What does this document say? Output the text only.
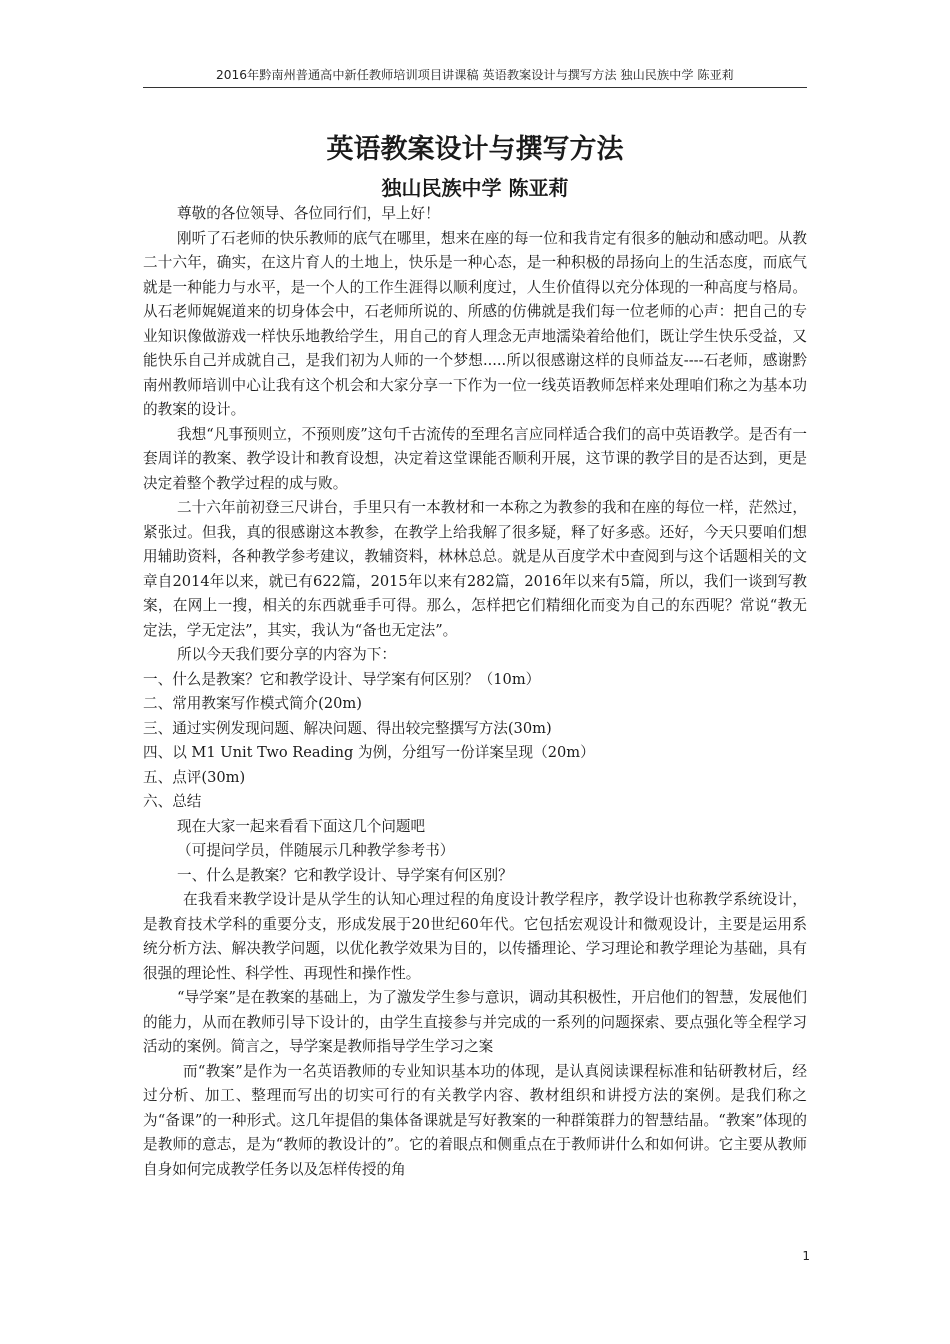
2016年黔南州普通高中新任教师培训项目讲课稿 英语教案设计与撰写方法 独山民族中学 陈亚莉
英语教案设计与撰写方法
独山民族中学 陈亚莉

尊敬的各位领导、各位同行们，早上好！

刚听了石老师的快乐教师的底气在哪里，想来在座的每一位和我肯定有很多的触动和感动吧。从教二十六年，确实，在这片育人的土地上，快乐是一种心态，是一种积极的昂扬向上的生活态度，而底气就是一种能力与水平，是一个人的工作生涯得以顺利度过，人生价值得以充分体现的一种高度与格局。从石老师娓娓道来的切身体会中，石老师所说的、所感的仿佛就是我们每一位老师的心声：把自己的专业知识像做游戏一样快乐地教给学生，用自己的育人理念无声地濡染着给他们，既让学生快乐受益，又能快乐自己并成就自己，是我们初为人师的一个梦想.....所以很感谢这样的良师益友----石老师，感谢黔南州教师培训中心让我有这个机会和大家分享一下作为一位一线英语教师怎样来处理咱们称之为基本功的教案的设计。

我想“凡事预则立，不预则废”这句千古流传的至理名言应同样适合我们的高中英语教学。是否有一套周详的教案、教学设计和教育设想，决定着这堂课能否顺利开展，这节课的教学目的是否达到，更是决定着整个教学过程的成与败。

二十六年前初登三尺讲台，手里只有一本教材和一本称之为教参的我和在座的每位一样，茫然过，紧张过。但我，真的很感谢这本教参，在教学上给我解了很多疑，释了好多惑。还好，今天只要咱们想用辅助资料，各种教学参考建议，教辅资料，林林总总。就是从百度学术中查阅到与这个话题相关的文章自2014年以来，就已有622篇，2015年以来有282篇，2016年以来有5篇，所以，我们一谈到写教案，在网上一搜，相关的东西就垂手可得。那么，怎样把它们精细化而变为自己的东西呢？常说“教无定法，学无定法”，其实，我认为“备也无定法”。

所以今天我们要分享的内容为下：

一、什么是教案？它和教学设计、导学案有何区别？（10m）

二、常用教案写作模式简介(20m)

三、通过实例发现问题、解决问题、得出较完整撰写方法(30m)

四、以 M1 Unit Two Reading 为例，分组写一份详案呈现（20m）

五、点评(30m)

六、总结

现在大家一起来看看下面这几个问题吧

（可提问学员，伴随展示几种教学参考书）

一、什么是教案？它和教学设计、导学案有何区别？

在我看来教学设计是从学生的认知心理过程的角度设计教学程序，教学设计也称教学系统设计，是教育技术学科的重要分支，形成发展于20世纪60年代。它包括宏观设计和微观设计，主要是运用系统分析方法、解决教学问题，以优化教学效果为目的，以传播理论、学习理论和教学理论为基础，具有很强的理论性、科学性、再现性和操作性。

“导学案”是在教案的基础上，为了激发学生参与意识，调动其积极性，开启他们的智慧，发展他们的能力，从而在教师引导下设计的，由学生直接参与并完成的一系列的问题探索、要点强化等全程学习活动的案例。简言之，导学案是教师指导学生学习之案

而“教案”是作为一名英语教师的专业知识基本功的体现，是认真阅读课程标准和钻研教材后，经过分析、加工、整理而写出的切实可行的有关教学内容、教材组织和讲授方法的案例。是我们称之为“备课”的一种形式。这几年提倡的集体备课就是写好教案的一种群策群力的智慧结晶。“教案”体现的是教师的意志，是为“教师的教设计的”。它的着眼点和侧重点在于教师讲什么和如何讲。它主要从教师自身如何完成教学任务以及怎样传授的角

1
